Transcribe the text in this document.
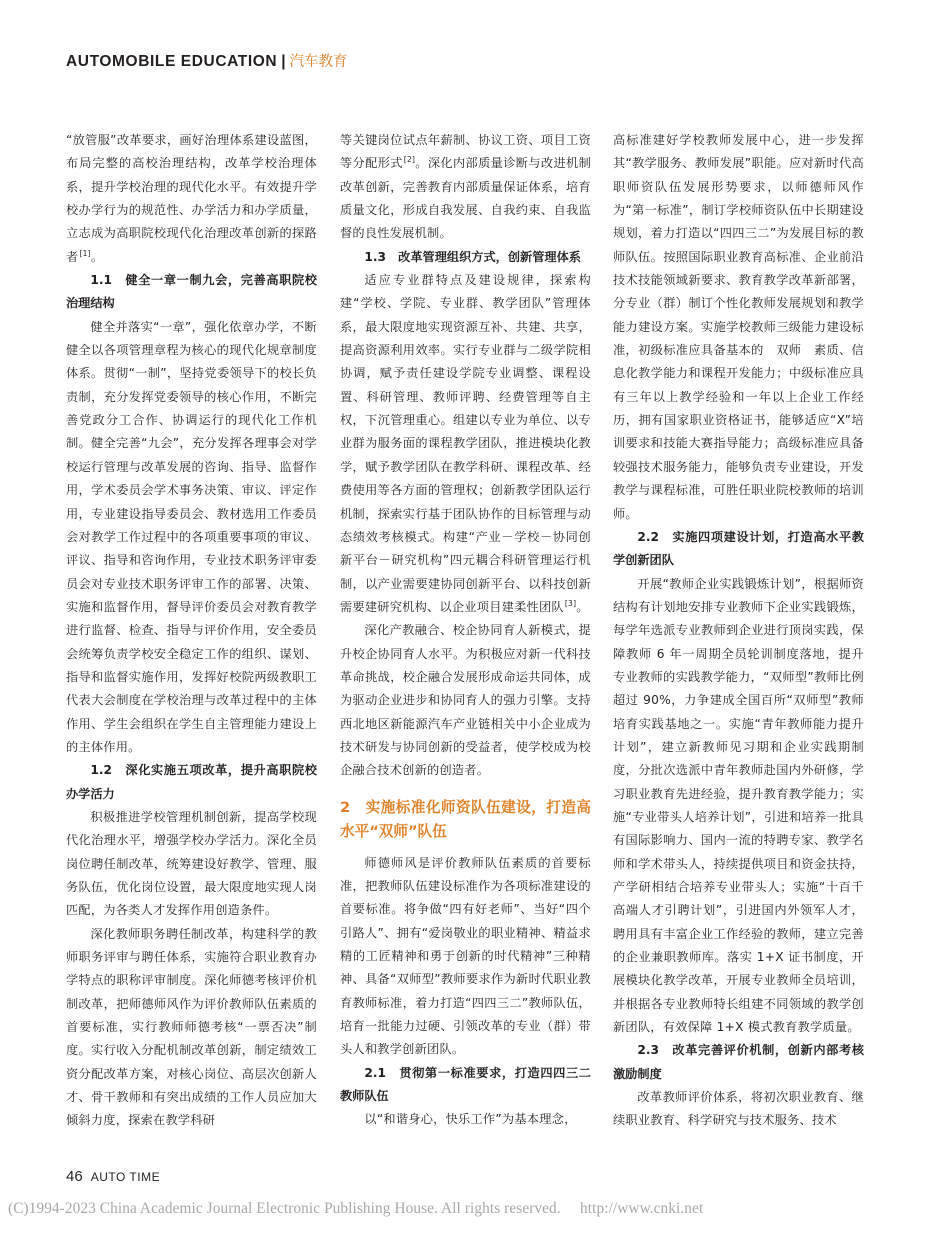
AUTOMOBILE EDUCATION | 汽车教育

“放管服”改革要求，画好治理体系建设蓝图，布局完整的高校治理结构，改革学校治理体系，提升学校治理的现代化水平。有效提升学校办学行为的规范性、办学活力和办学质量，立志成为高职院校现代化治理改革创新的探路者[1]。

1.1　健全一章一制九会，完善高职院校治理结构

健全并落实“一章”，强化依章办学，不断健全以各项管理章程为核心的现代化规章制度体系。贯彻“一制”，坚持党委领导下的校长负责制，充分发挥党委领导的核心作用，不断完善党政分工合作、协调运行的现代化工作机制。健全完善“九会”，充分发挥各理事会对学校运行管理与改革发展的咨询、指导、监督作用，学术委员会学术事务决策、审议、评定作用，专业建设指导委员会、教材选用工作委员会对教学工作过程中的各项重要事项的审议、评议、指导和咨询作用，专业技术职务评审委员会对专业技术职务评审工作的部署、决策、实施和监督作用，督导评价委员会对教育教学进行监督、检查、指导与评价作用，安全委员会统筹负责学校安全稳定工作的组织、谋划、指导和监督实施作用，发挥好校院两级教职工代表大会制度在学校治理与改革过程中的主体作用、学生会组织在学生自主管理能力建设上的主体作用。

1.2　深化实施五项改革，提升高职院校办学活力

积极推进学校管理机制创新，提高学校现代化治理水平，增强学校办学活力。深化全员岗位聘任制改革，统筹建设好教学、管理、服务队伍，优化岗位设置，最大限度地实现人岗匹配，为各类人才发挥作用创造条件。

深化教师职务聘任制改革，构建科学的教师职务评审与聘任体系，实施符合职业教育办学特点的职称评审制度。深化师德考核评价机制改革，把师德师风作为评价教师队伍素质的首要标准，实行教师师德考核“一票否决”制度。实行收入分配机制改革创新，制定绩效工资分配改革方案，对核心岗位、高层次创新人才、骨干教师和有突出成绩的工作人员应加大倾斜力度，探索在教学科研

等关键岗位试点年薪制、协议工资、项目工资等分配形式[2]。深化内部质量诊断与改进机制改革创新，完善教育内部质量保证体系，培育质量文化，形成自我发展、自我约束、自我监督的良性发展机制。

1.3　改革管理组织方式，创新管理体系

适应专业群特点及建设规律，探索构建“学校、学院、专业群、教学团队”管理体系，最大限度地实现资源互补、共建、共享，提高资源利用效率。实行专业群与二级学院相协调，赋予责任建设学院专业调整、课程设置、科研管理、教师评聘、经费管理等自主权，下沉管理重心。组建以专业为单位、以专业群为服务面的课程教学团队，推进模块化教学，赋予教学团队在教学科研、课程改革、经费使用等各方面的管理权；创新教学团队运行机制，探索实行基于团队协作的目标管理与动态绩效考核模式。构建“产业－学校－协同创新平台－研究机构”四元耦合科研管理运行机制，以产业需要建协同创新平台、以科技创新需要建研究机构、以企业项目建柔性团队[3]。

深化产教融合、校企协同育人新模式，提升校企协同育人水平。为积极应对新一代科技革命挑战，校企融合发展形成命运共同体，成为驱动企业进步和协同育人的强力引擎。支持西北地区新能源汽车产业链相关中小企业成为技术研发与协同创新的受益者，使学校成为校企融合技术创新的创造者。

2　实施标准化师资队伍建设，打造高水平“双师”队伍

师德师风是评价教师队伍素质的首要标准，把教师队伍建设标准作为各项标准建设的首要标准。将争做“四有好老师”、当好“四个引路人”、拥有“爱岗敬业的职业精神、精益求精的工匠精神和勇于创新的时代精神”三种精神、具备“双师型”教师要求作为新时代职业教育教师标准，着力打造“四四三二”教师队伍，培育一批能力过硬、引领改革的专业（群）带头人和教学创新团队。

2.1　贯彻第一标准要求，打造四四三二教师队伍

以“和谐身心，快乐工作”为基本理念，

高标准建好学校教师发展中心，进一步发挥其“教学服务、教师发展”职能。应对新时代高职师资队伍发展形势要求，以师德师风作为“第一标准”，制订学校师资队伍中长期建设规划，着力打造以“四四三二”为发展目标的教师队伍。按照国际职业教育高标准、企业前沿技术技能领域新要求、教育教学改革新部署，分专业（群）制订个性化教师发展规划和教学能力建设方案。实施学校教师三级能力建设标准，初级标准应具备基本的　双师　素质、信息化教学能力和课程开发能力；中级标准应具有三年以上教学经验和一年以上企业工作经历，拥有国家职业资格证书，能够适应“X”培训要求和技能大赛指导能力；高级标准应具备较强技术服务能力，能够负责专业建设，开发教学与课程标准，可胜任职业院校教师的培训师。

2.2　实施四项建设计划，打造高水平教学创新团队

开展“教师企业实践锻炼计划”，根据师资结构有计划地安排专业教师下企业实践锻炼，每学年选派专业教师到企业进行顶岗实践，保障教师 6 年一周期全员轮训制度落地，提升专业教师的实践教学能力，“双师型”教师比例超过 90%，力争建成全国百所“双师型”教师培育实践基地之一。实施“青年教师能力提升计划”，建立新教师见习期和企业实践期制度，分批次选派中青年教师赴国内外研修，学习职业教育先进经验，提升教育教学能力；实施“专业带头人培养计划”，引进和培养一批具有国际影响力、国内一流的特聘专家、教学名师和学术带头人，持续提供项目和资金扶持，产学研相结合培养专业带头人；实施“十百千高端人才引聘计划”，引进国内外领军人才，聘用具有丰富企业工作经验的教师，建立完善的企业兼职教师库。落实 1+X 证书制度，开展模块化教学改革，开展专业教师全员培训，并根据各专业教师特长组建不同领域的教学创新团队，有效保障 1+X 模式教育教学质量。

2.3　改革完善评价机制，创新内部考核激励制度

改革教师评价体系，将初次职业教育、继续职业教育、科学研究与技术服务、技术

46 AUTO TIME
(C)1994-2023 China Academic Journal Electronic Publishing House. All rights reserved.　 http://www.cnki.net
